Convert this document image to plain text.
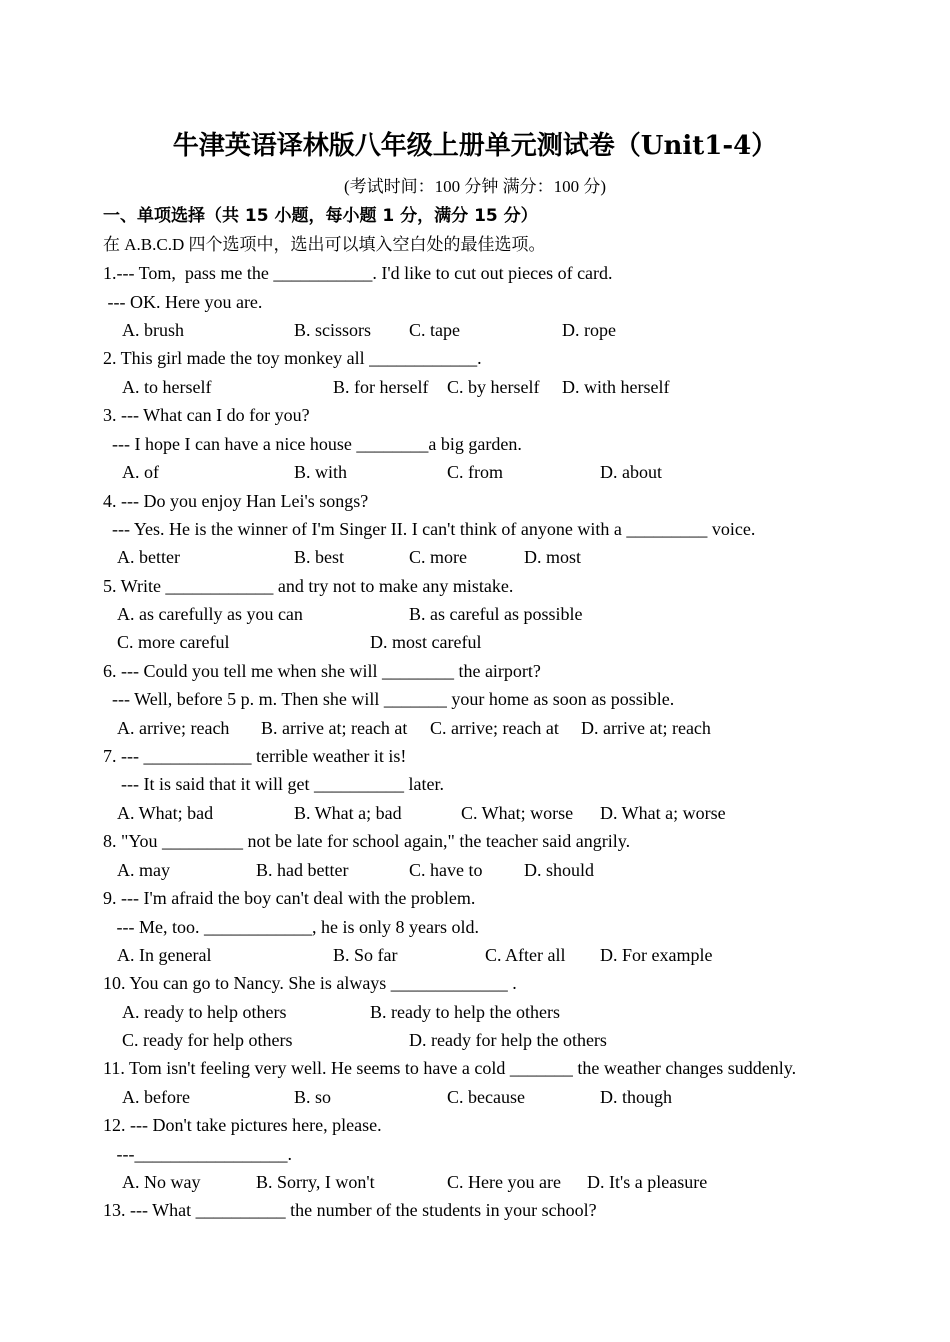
牛津英语译林版八年级上册单元测试卷（Unit1-4）
(考试时间：100 分钟 满分：100 分)
一、单项选择（共 15 小题，每小题 1 分，满分 15 分）
在 A.B.C.D 四个选项中，选出可以填入空白处的最佳选项。
1.--- Tom,  pass me the ___________. I'd like to cut out pieces of card.
--- OK. Here you are.
A. brush	B. scissors C. tape	D. rope
2. This girl made the toy monkey all ____________.
A. to herself	B. for herself C. by herself D. with herself
3. --- What can I do for you?
--- I hope I can have a nice house ________a big garden.
A. of	B. with	C. from	D. about
4. --- Do you enjoy Han Lei's songs?
--- Yes. He is the winner of I'm Singer II. I can't think of anyone with a _________ voice.
A. better	B. best	C. more	D. most
5. Write ____________ and try not to make any mistake.
A. as carefully as you can	B. as careful as possible
C. more careful	D. most careful
6. --- Could you tell me when she will ________ the airport?
--- Well, before 5 p. m. Then she will _______ your home as soon as possible.
A. arrive; reach B. arrive at; reach at C. arrive; reach at D. arrive at; reach
7. --- ____________ terrible weather it is!
--- It is said that it will get __________ later.
A. What; bad	B. What a; bad	C. What; worse D. What a; worse
8. "You _________ not be late for school again," the teacher said angrily.
A. may	B. had better	C. have to D. should
9. --- I'm afraid the boy can't deal with the problem.
--- Me, too. ____________, he is only 8 years old.
A. In general	B. So far	C. After all D. For example
10. You can go to Nancy. She is always _____________ .
A. ready to help others	B. ready to help the others
C. ready for help others	D. ready for help the others
11. Tom isn't feeling very well. He seems to have a cold _______ the weather changes suddenly.
A. before	B. so	C. because	D. though
12. --- Don't take pictures here, please.
---_________________.
A. No way	B. Sorry, I won't	C. Here you are D. It's a pleasure
13. --- What __________ the number of the students in your school?
